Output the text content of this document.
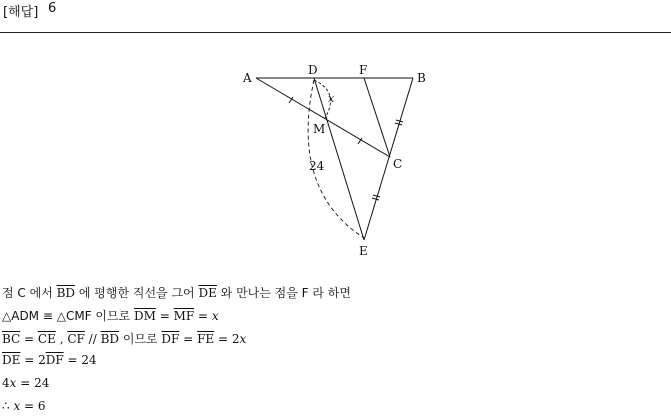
[해답] 6
A
D	F
B
M
C
E
x
24
점 C 에서 $\overline{BD}$ 에 평행한 직선을 그어 $\overline{DE}$ 와 만나는 점을 F 라 하면
△ADM ≡ △CMF 이므로 $\overline{DM} = \overline{MF} = x$
$\overline{BC} = \overline{CE}$ , $\overline{CF} // \overline{BD}$ 이므로 $\overline{DF} = \overline{FE} = 2x$
$\overline{DE} = 2\overline{DF} = 24$
4x = 24
∴ x = 6
